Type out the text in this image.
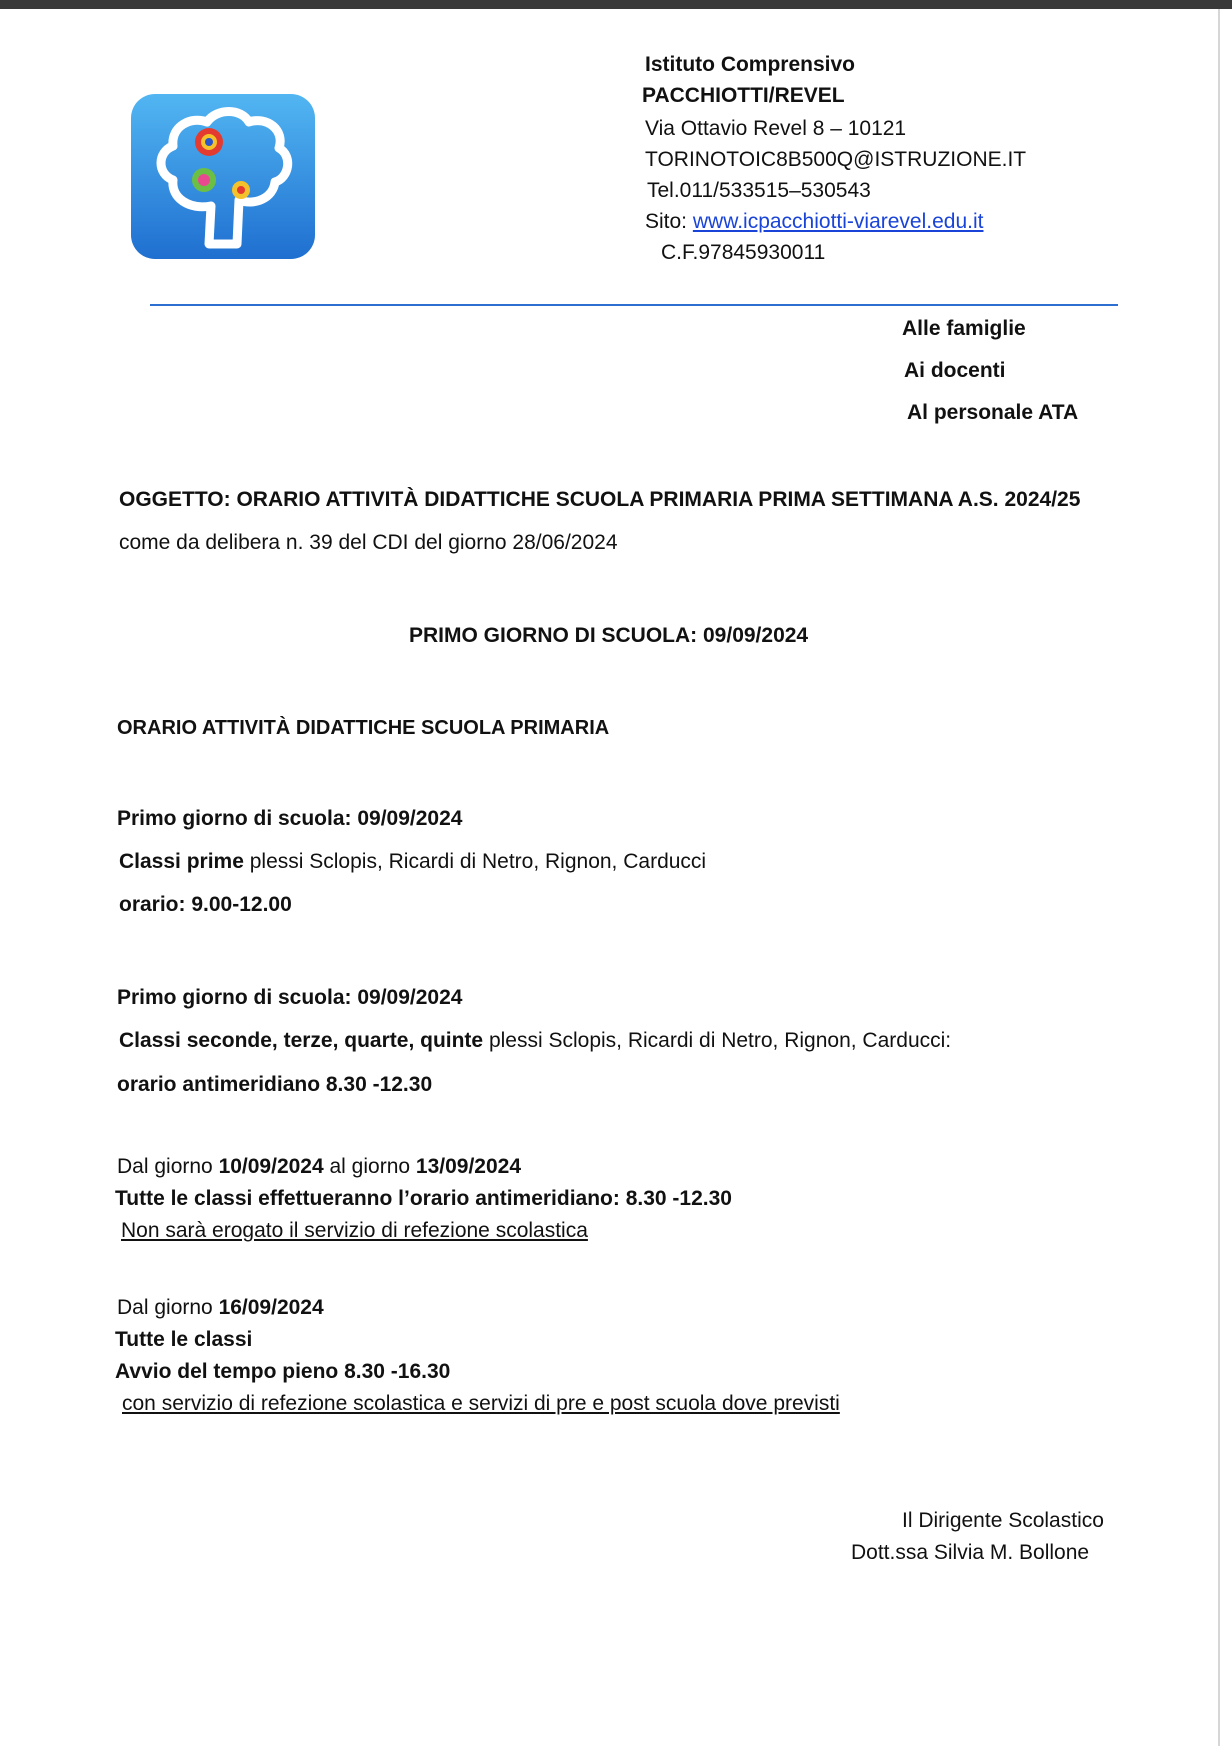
Istituto Comprensivo
PACCHIOTTI/REVEL
Via Ottavio Revel 8 – 10121
TORINOTOIC8B500Q@ISTRUZIONE.IT
Tel.011/533515–530543
Sito: www.icpacchiotti-viarevel.edu.it
C.F.97845930011
Alle famiglie
Ai docenti
Al personale ATA
OGGETTO: ORARIO ATTIVITÀ DIDATTICHE SCUOLA PRIMARIA PRIMA SETTIMANA A.S. 2024/25
come da delibera n. 39 del CDI del giorno 28/06/2024
PRIMO GIORNO DI SCUOLA: 09/09/2024
ORARIO ATTIVITÀ DIDATTICHE SCUOLA PRIMARIA
Primo giorno di scuola: 09/09/2024
Classi prime plessi Sclopis, Ricardi di Netro, Rignon, Carducci
orario: 9.00-12.00
Primo giorno di scuola: 09/09/2024
Classi seconde, terze, quarte, quinte plessi Sclopis, Ricardi di Netro, Rignon, Carducci:
orario antimeridiano 8.30 -12.30
Dal giorno 10/09/2024 al giorno 13/09/2024
Tutte le classi effettueranno l’orario antimeridiano: 8.30 -12.30
Non sarà erogato il servizio di refezione scolastica
Dal giorno 16/09/2024
Tutte le classi
Avvio del tempo pieno 8.30 -16.30
con servizio di refezione scolastica e servizi di pre e post scuola dove previsti
Il Dirigente Scolastico
Dott.ssa Silvia M. Bollone
